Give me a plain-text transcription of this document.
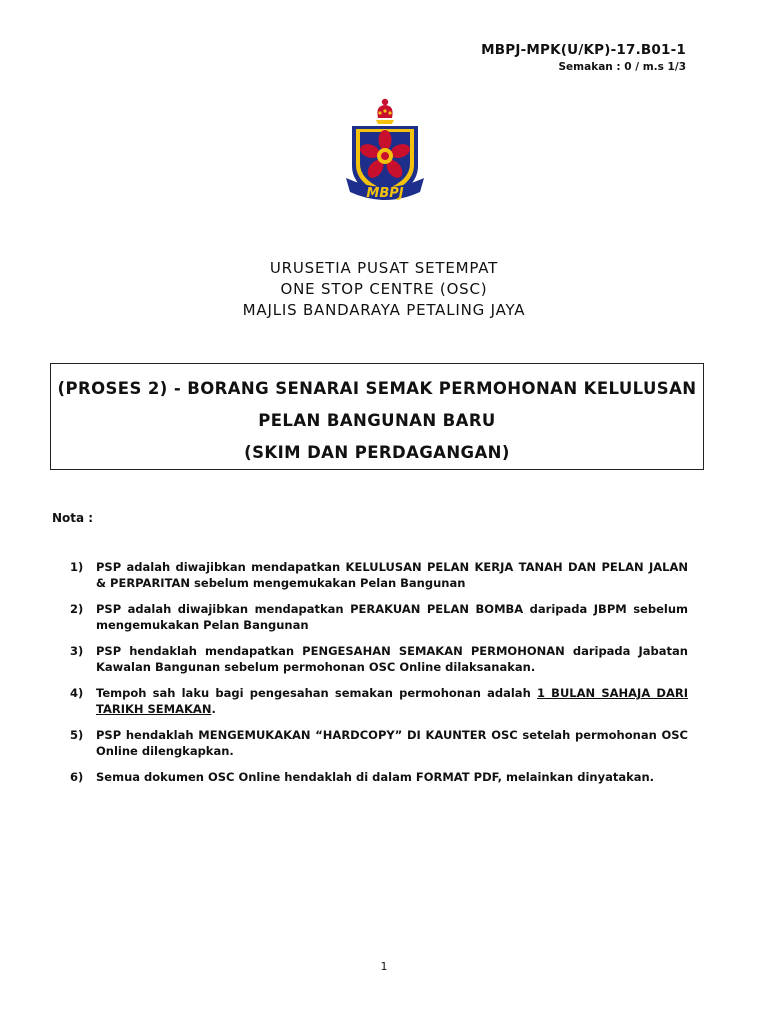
MBPJ-MPK(U/KP)-17.B01-1
Semakan : 0 / m.s 1/3
MBPJ
URUSETIA PUSAT SETEMPAT
ONE STOP CENTRE (OSC)
MAJLIS BANDARAYA PETALING JAYA
(PROSES 2) - BORANG SENARAI SEMAK PERMOHONAN KELULUSAN
PELAN BANGUNAN BARU
(SKIM DAN PERDAGANGAN)
Nota :
1)	PSP adalah diwajibkan mendapatkan KELULUSAN PELAN KERJA TANAH DAN PELAN JALAN & PERPARITAN sebelum mengemukakan Pelan Bangunan
2)	PSP adalah diwajibkan mendapatkan PERAKUAN PELAN BOMBA daripada JBPM sebelum mengemukakan Pelan Bangunan
3)	PSP hendaklah mendapatkan PENGESAHAN SEMAKAN PERMOHONAN daripada Jabatan Kawalan Bangunan sebelum permohonan OSC Online dilaksanakan.
4)	Tempoh sah laku bagi pengesahan semakan permohonan adalah 1 BULAN SAHAJA DARI TARIKH SEMAKAN.
5)	PSP hendaklah MENGEMUKAKAN “HARDCOPY” DI KAUNTER OSC setelah permohonan OSC Online dilengkapkan.
6)	Semua dokumen OSC Online hendaklah di dalam FORMAT PDF, melainkan dinyatakan.
1
